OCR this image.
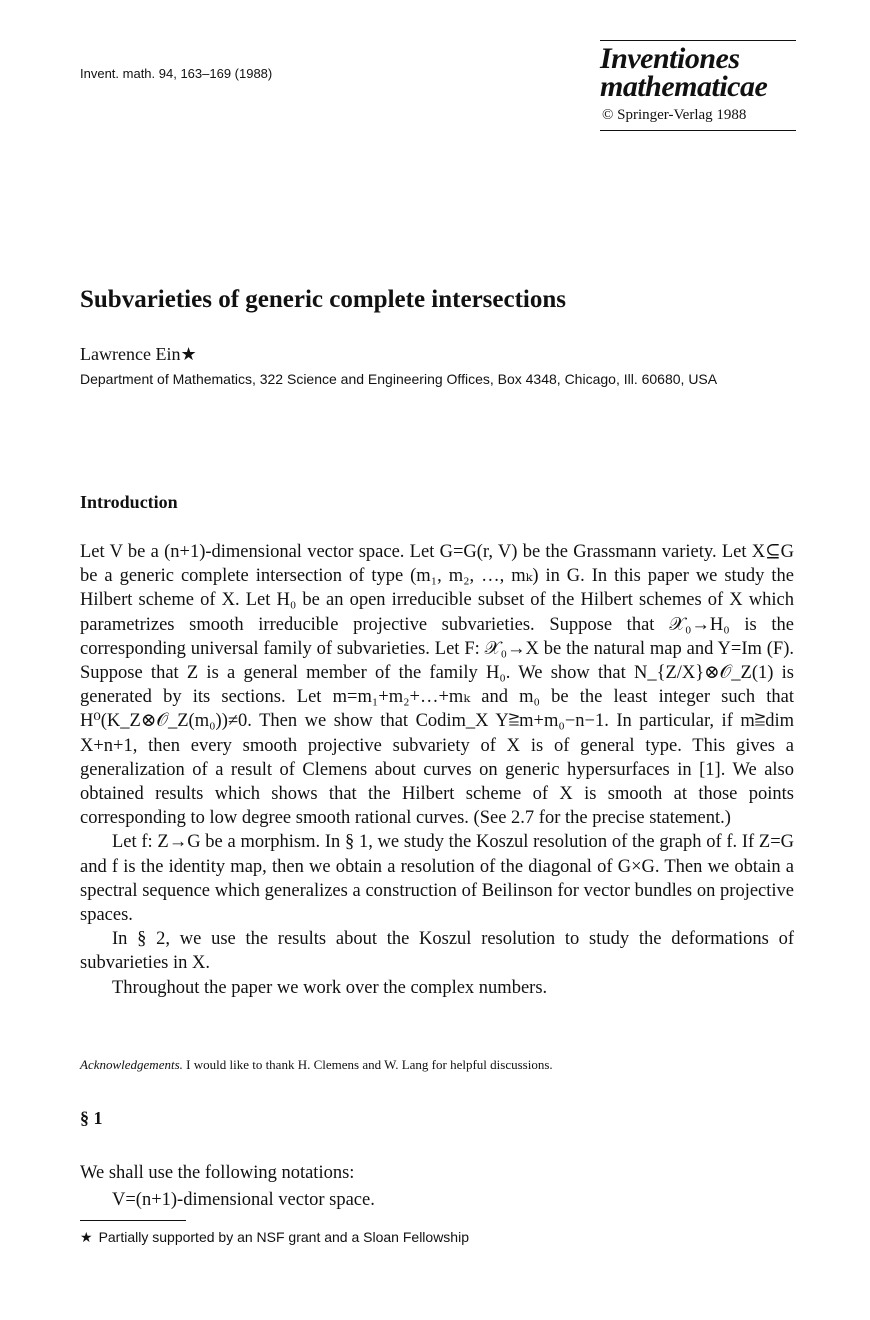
Invent. math. 94, 163–169 (1988)	Inventiones
mathematicae
© Springer-Verlag 1988
Subvarieties of generic complete intersections
Lawrence Ein★
Department of Mathematics, 322 Science and Engineering Offices, Box 4348, Chicago, Ill. 60680, USA
Introduction

Let V be a (n+1)-dimensional vector space. Let G=G(r, V) be the Grassmann variety. Let X⊆G be a generic complete intersection of type (m₁, m₂, …, mₖ) in G. In this paper we study the Hilbert scheme of X. Let H₀ be an open irreducible subset of the Hilbert schemes of X which parametrizes smooth irreducible projective subvarieties. Suppose that 𝒳₀→H₀ is the corresponding universal family of subvarieties. Let F: 𝒳₀→X be the natural map and Y=Im (F). Suppose that Z is a general member of the family H₀. We show that N_{Z/X}⊗𝒪_Z(1) is generated by its sections. Let m=m₁+m₂+…+mₖ and m₀ be the least integer such that H⁰(K_Z⊗𝒪_Z(m₀))≠0. Then we show that Codim_X Y≧m+m₀−n−1. In particular, if m≧dim X+n+1, then every smooth projective subvariety of X is of general type. This gives a generalization of a result of Clemens about curves on generic hypersurfaces in [1]. We also obtained results which shows that the Hilbert scheme of X is smooth at those points corresponding to low degree smooth rational curves. (See 2.7 for the precise statement.)

Let f: Z→G be a morphism. In § 1, we study the Koszul resolution of the graph of f. If Z=G and f is the identity map, then we obtain a resolution of the diagonal of G×G. Then we obtain a spectral sequence which generalizes a construction of Beilinson for vector bundles on projective spaces.

In § 2, we use the results about the Koszul resolution to study the deformations of subvarieties in X.

Throughout the paper we work over the complex numbers.

Acknowledgements. I would like to thank H. Clemens and W. Lang for helpful discussions.
§ 1
We shall use the following notations:
V=(n+1)-dimensional vector space.
★ Partially supported by an NSF grant and a Sloan Fellowship
